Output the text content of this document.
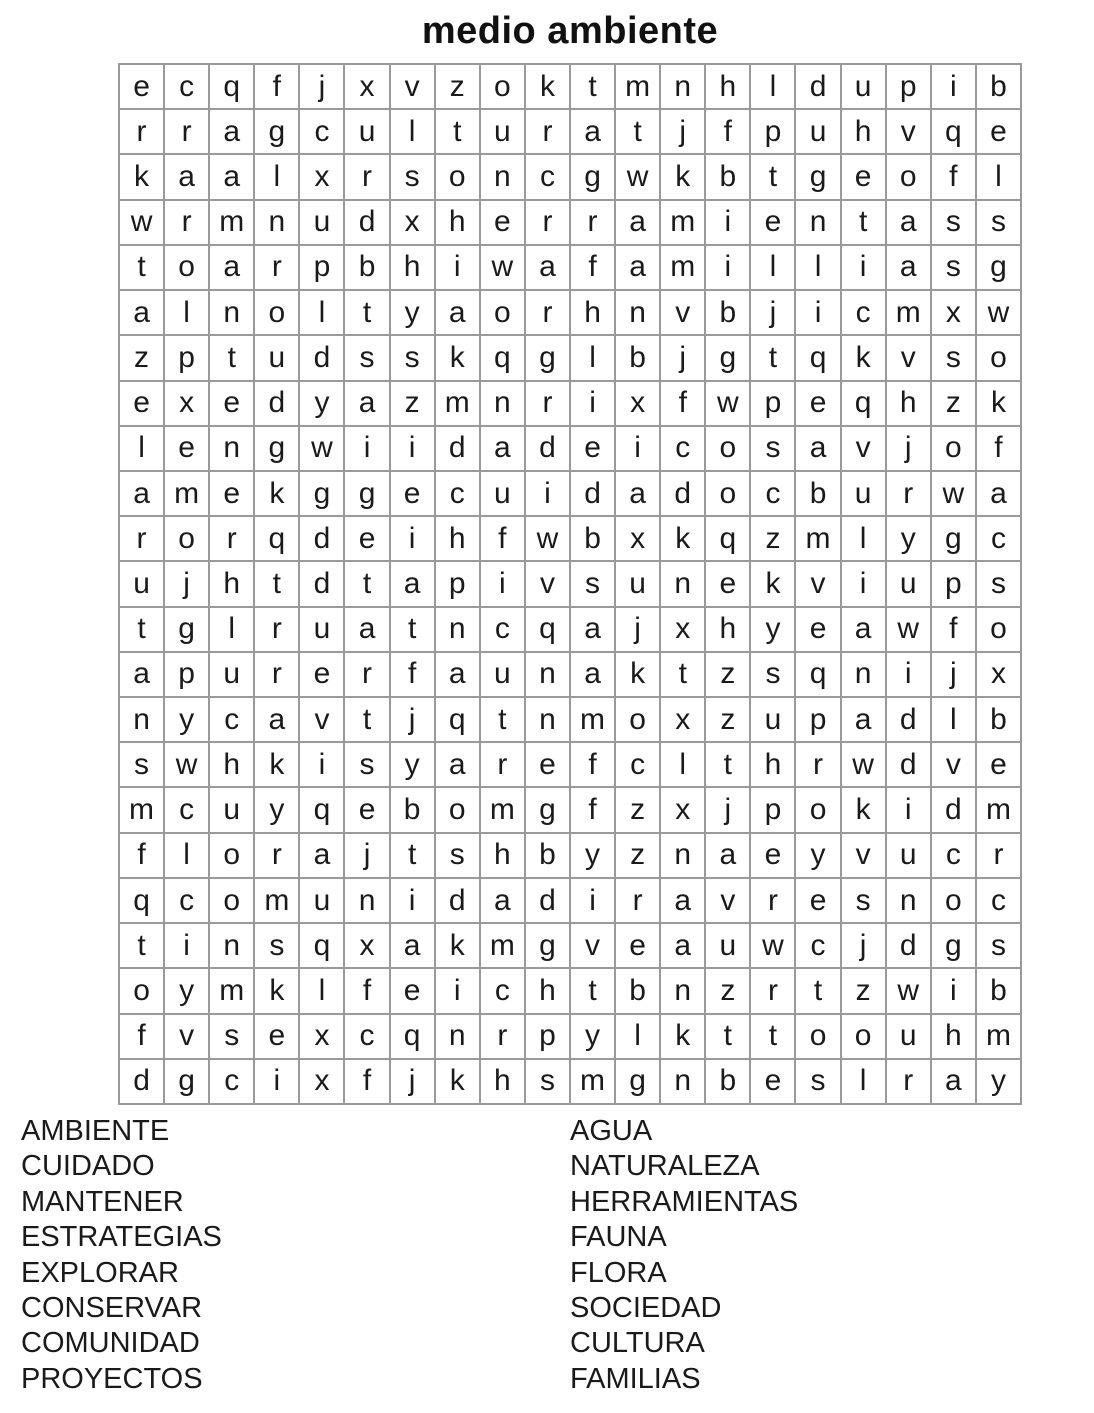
medio ambiente
e c q	f	j	x	v	z o k	t m n h	l	d u p	i	b
r	r	a g c u	l	t	u	r	a	t	j	f	p u h v q e
k a a	l	x	r	s o n c g w k b	t	g e o	f	l
w r m n u d x h e	r	r	a m i	e n	t	a s	s
t	o a	r	p b h	i	w a	f	a m i	l	l	i	a s g
a	l	n o	l	t	y a o	r	h n v b	j	i	c m x w
z p	t	u d s	s	k q g	l	b	j	g	t	q k	v	s o
e x e d y a z m n	r	i	x	f	w p e q h z	k
l	e n g w	i	i	d a d e	i	c o s a v	j	o	f
a m e k g g e c u	i	d a d o c b u	r w a
r	o	r	q d e	i	h	f	w b x	k q z m l	y g c
u	j	h	t	d	t	a p	i	v	s u n e k	v	i	u p s
t	g	l	r	u a	t	n c q a	j	x h y e a w	f	o
a p u	r	e	r	f	a u n a k	t	z	s q n	i	j	x
n y	c a v	t	j	q	t	n m o x	z u p a d	l	b
s w h k	i	s	y a	r	e	f	c	l	t	h	r w d v e
m c u y q e b o m g	f	z	x	j	p o k	i	d m
f	l	o	r	a	j	t	s h b y	z n a e y	v u c	r
q c o m u n	i	d a d	i	r	a v	r	e s n o c
t	i	n s q x a k m g v e a u w c	j	d g s
o y m k	l	f	e	i	c h	t	b n z	r	t	z w	i	b
f	v	s e x	c q n	r	p y	l	k	t	t	o o u h m
d g c	i	x	f	j	k h s m g n b e s	l	r	a y
AMBIENTE
CUIDADO
MANTENER
ESTRATEGIAS
EXPLORAR
CONSERVAR
COMUNIDAD
PROYECTOS
AGUA
NATURALEZA
HERRAMIENTAS
FAUNA
FLORA
SOCIEDAD
CULTURA
FAMILIAS
